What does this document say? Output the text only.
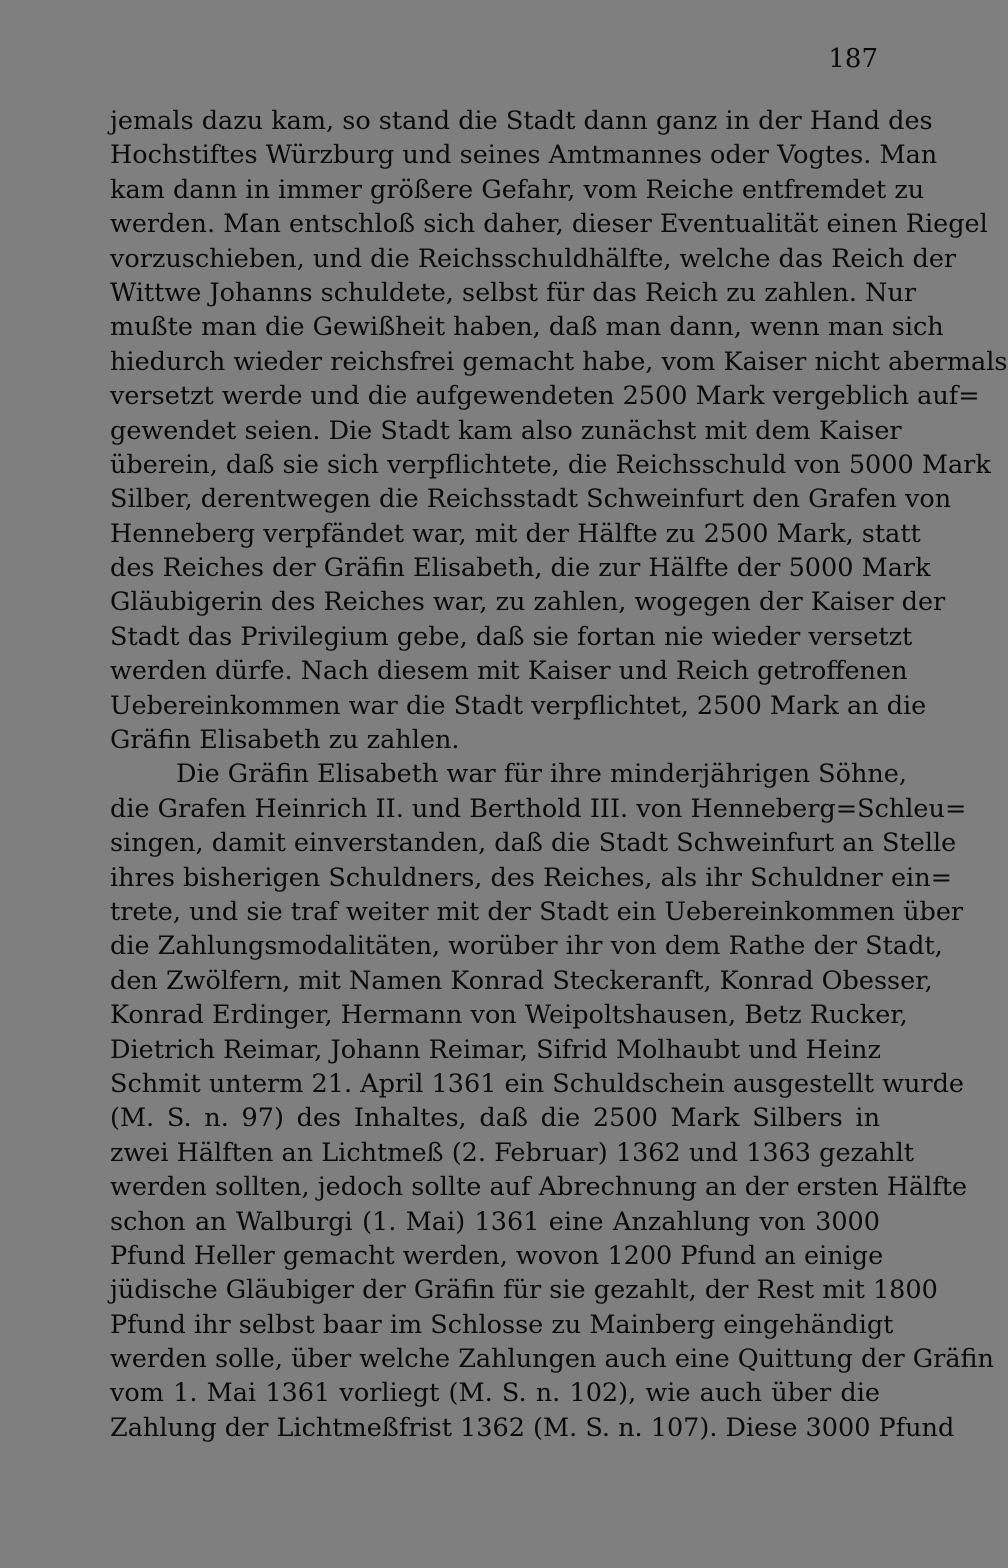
187
jemals dazu kam, so stand die Stadt dann ganz in der Hand des
Hochstiftes Würzburg und seines Amtmannes oder Vogtes. Man
kam dann in immer größere Gefahr, vom Reiche entfremdet zu
werden. Man entschloß sich daher, dieser Eventualität einen Riegel
vorzuschieben, und die Reichsschuldhälfte, welche das Reich der
Wittwe Johanns schuldete, selbst für das Reich zu zahlen. Nur
mußte man die Gewißheit haben, daß man dann, wenn man sich
hiedurch wieder reichsfrei gemacht habe, vom Kaiser nicht abermals
versetzt werde und die aufgewendeten 2500 Mark vergeblich auf=
gewendet seien. Die Stadt kam also zunächst mit dem Kaiser
überein, daß sie sich verpflichtete, die Reichsschuld von 5000 Mark
Silber, derentwegen die Reichsstadt Schweinfurt den Grafen von
Henneberg verpfändet war, mit der Hälfte zu 2500 Mark, statt
des Reiches der Gräfin Elisabeth, die zur Hälfte der 5000 Mark
Gläubigerin des Reiches war, zu zahlen, wogegen der Kaiser der
Stadt das Privilegium gebe, daß sie fortan nie wieder versetzt
werden dürfe. Nach diesem mit Kaiser und Reich getroffenen
Uebereinkommen war die Stadt verpflichtet, 2500 Mark an die
Gräfin Elisabeth zu zahlen.
Die Gräfin Elisabeth war für ihre minderjährigen Söhne,
die Grafen Heinrich II. und Berthold III. von Henneberg=Schleu=
singen, damit einverstanden, daß die Stadt Schweinfurt an Stelle
ihres bisherigen Schuldners, des Reiches, als ihr Schuldner ein=
trete, und sie traf weiter mit der Stadt ein Uebereinkommen über
die Zahlungsmodalitäten, worüber ihr von dem Rathe der Stadt,
den Zwölfern, mit Namen Konrad Steckeranft, Konrad Obesser,
Konrad Erdinger, Hermann von Weipoltshausen, Betz Rucker,
Dietrich Reimar, Johann Reimar, Sifrid Molhaubt und Heinz
Schmit unterm 21. April 1361 ein Schuldschein ausgestellt wurde
(M. S. n. 97) des Inhaltes, daß die 2500 Mark Silbers in
zwei Hälften an Lichtmeß (2. Februar) 1362 und 1363 gezahlt
werden sollten, jedoch sollte auf Abrechnung an der ersten Hälfte
schon an Walburgi (1. Mai) 1361 eine Anzahlung von 3000
Pfund Heller gemacht werden, wovon 1200 Pfund an einige
jüdische Gläubiger der Gräfin für sie gezahlt, der Rest mit 1800
Pfund ihr selbst baar im Schlosse zu Mainberg eingehändigt
werden solle, über welche Zahlungen auch eine Quittung der Gräfin
vom 1. Mai 1361 vorliegt (M. S. n. 102), wie auch über die
Zahlung der Lichtmeßfrist 1362 (M. S. n. 107). Diese 3000 Pfund
